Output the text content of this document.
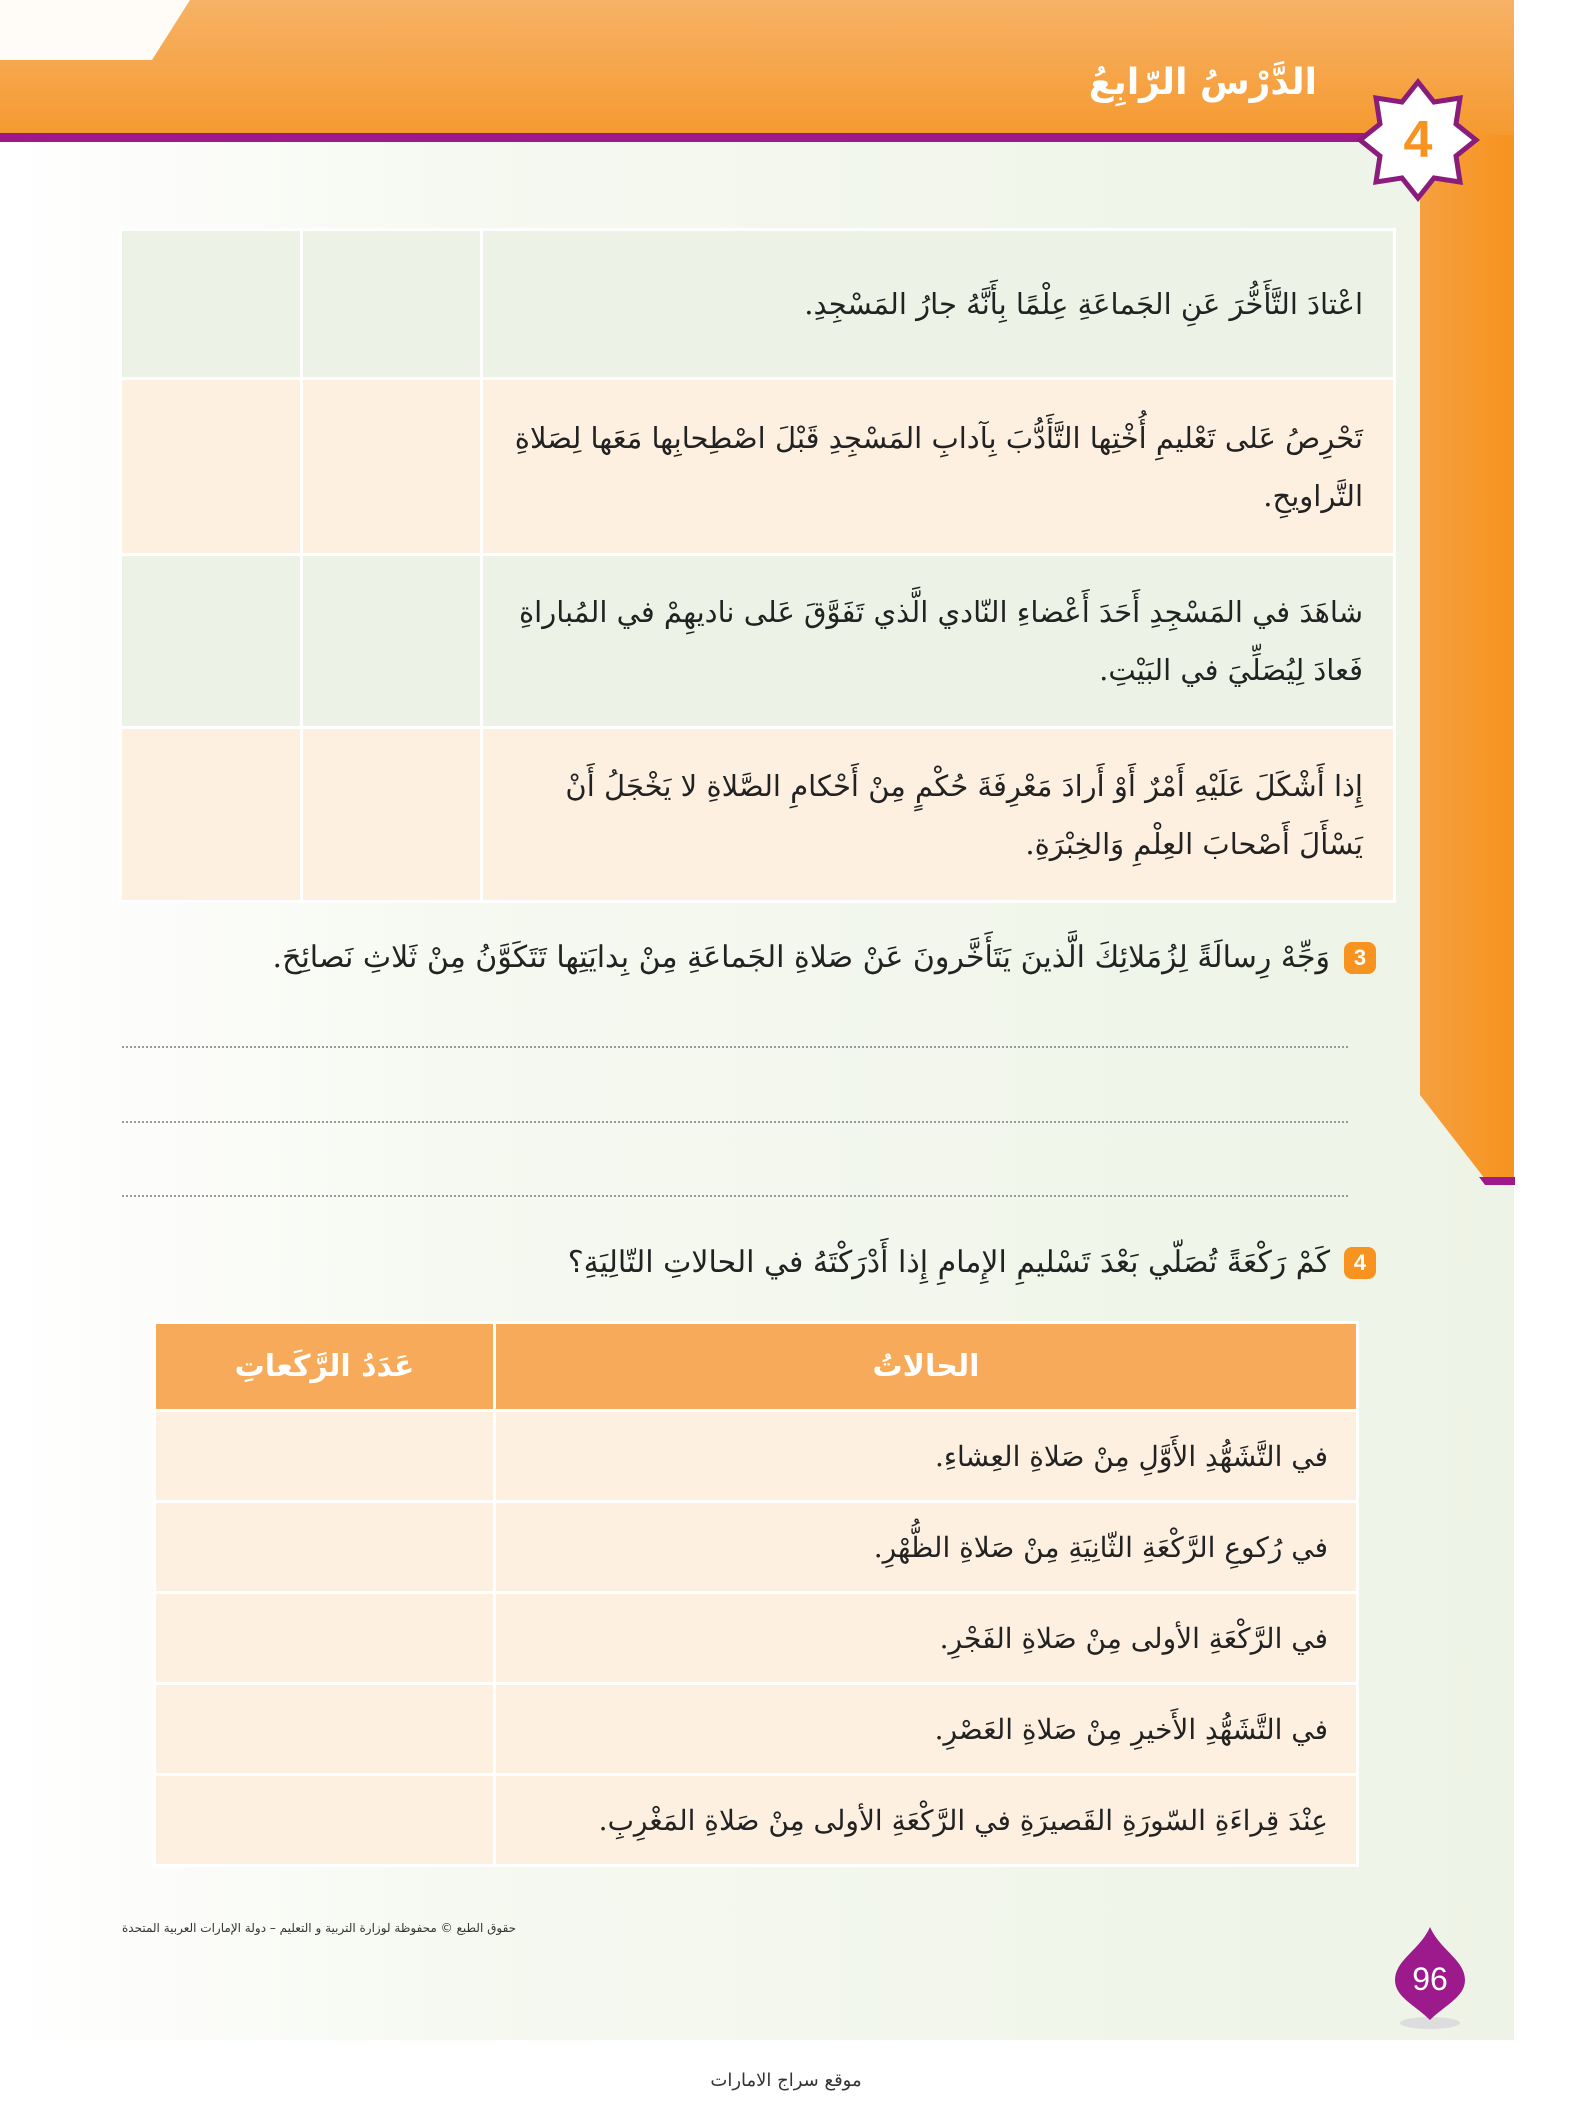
الدَّرْسُ الرّابِعُ
4
اعْتادَ التَّأَخُّرَ عَنِ الجَماعَةِ عِلْمًا بِأَنَّهُ جارُ المَسْجِدِ.		
تَحْرِصُ عَلى تَعْليمِ أُخْتِها التَّأَدُّبَ بِآدابِ المَسْجِدِ قَبْلَ اصْطِحابِها مَعَها لِصَلاةِ التَّراويحِ.		
شاهَدَ في المَسْجِدِ أَحَدَ أَعْضاءِ النّادي الَّذي تَفَوَّقَ عَلى ناديهِمْ في المُباراةِ فَعادَ لِيُصَلِّيَ في البَيْتِ.		
إِذا أَشْكَلَ عَلَيْهِ أَمْرٌ أَوْ أَرادَ مَعْرِفَةَ حُكْمٍ مِنْ أَحْكامِ الصَّلاةِ لا يَخْجَلُ أَنْ يَسْأَلَ أَصْحابَ العِلْمِ وَالخِبْرَةِ.		
3
وَجِّهْ رِسالَةً لِزُمَلائِكَ الَّذينَ يَتَأَخَّرونَ عَنْ صَلاةِ الجَماعَةِ مِنْ بِدايَتِها تَتَكَوَّنُ مِنْ ثَلاثِ نَصائِحَ.
4
كَمْ رَكْعَةً تُصَلّي بَعْدَ تَسْليمِ الإِمامِ إِذا أَدْرَكْتَهُ في الحالاتِ التّالِيَةِ؟
الحالاتُ	عَدَدُ الرَّكَعاتِ
في التَّشَهُّدِ الأَوَّلِ مِنْ صَلاةِ العِشاءِ.	
في رُكوعِ الرَّكْعَةِ الثّانِيَةِ مِنْ صَلاةِ الظُّهْرِ.	
في الرَّكْعَةِ الأولى مِنْ صَلاةِ الفَجْرِ.	
في التَّشَهُّدِ الأَخيرِ مِنْ صَلاةِ العَصْرِ.	
عِنْدَ قِراءَةِ السّورَةِ القَصيرَةِ في الرَّكْعَةِ الأولى مِنْ صَلاةِ المَغْرِبِ.	
حقوق الطبع © محفوظة لوزارة التربية و التعليم – دولة الإمارات العربية المتحدة
96
موقع سراج الامارات
